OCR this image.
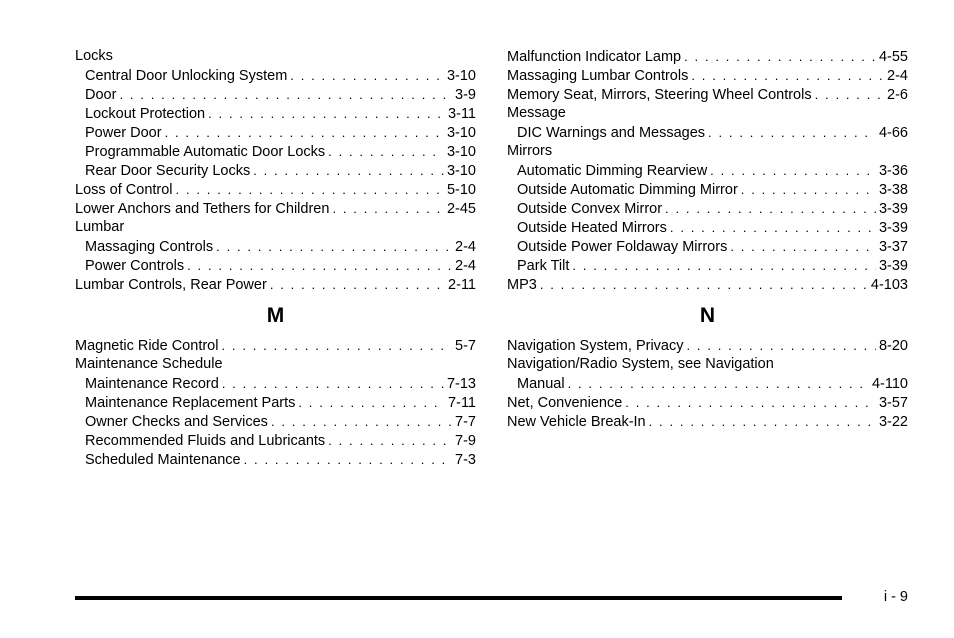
Locks
Central Door Unlocking System . . .	3-10
Door . . .	3-9
Lockout Protection . . .	3-11
Power Door . . .	3-10
Programmable Automatic Door Locks . . .	3-10
Rear Door Security Locks . . .	3-10
Loss of Control . . .	5-10
Lower Anchors and Tethers for Children . . .	2-45
Lumbar
Massaging Controls . . .	2-4
Power Controls . . .	2-4
Lumbar Controls, Rear Power . . .	2-11
M
Magnetic Ride Control . . .	5-7
Maintenance Schedule
Maintenance Record . . .	7-13
Maintenance Replacement Parts . . .	7-11
Owner Checks and Services . . .	7-7
Recommended Fluids and Lubricants . . .	7-9
Scheduled Maintenance . . .	7-3
Malfunction Indicator Lamp . . .	4-55
Massaging Lumbar Controls . . .	2-4
Memory Seat, Mirrors, Steering Wheel Controls . . .	2-6
Message
DIC Warnings and Messages . . .	4-66
Mirrors
Automatic Dimming Rearview . . .	3-36
Outside Automatic Dimming Mirror . . .	3-38
Outside Convex Mirror . . .	3-39
Outside Heated Mirrors . . .	3-39
Outside Power Foldaway Mirrors . . .	3-37
Park Tilt . . .	3-39
MP3 . . .	4-103
N
Navigation System, Privacy . . .	8-20
Navigation/Radio System, see Navigation
Manual . . .	4-110
Net, Convenience . . .	3-57
New Vehicle Break-In . . .	3-22
i - 9
